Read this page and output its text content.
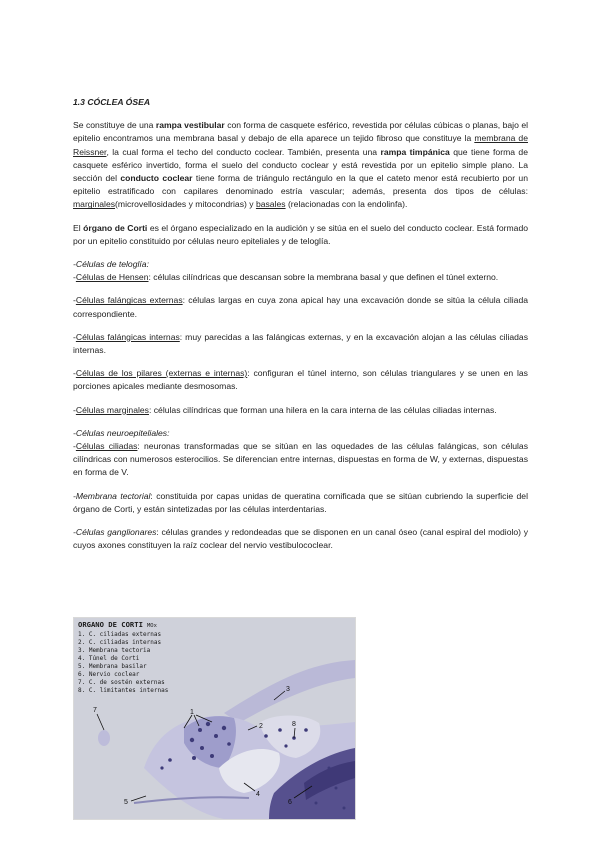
1.3 CÓCLEA ÓSEA

Se constituye de una rampa vestibular con forma de casquete esférico, revestida por células cúbicas o planas, bajo el epitelio encontramos una membrana basal y debajo de ella aparece un tejido fibroso que constituye la membrana de Reissner, la cual forma el techo del conducto coclear. También, presenta una rampa timpánica que tiene forma de casquete esférico invertido, forma el suelo del conducto coclear y está revestida por un epitelio simple plano. La sección del conducto coclear tiene forma de triángulo rectángulo en la que el cateto menor está recubierto por un epitelio estratificado con capilares denominado estría vascular; además, presenta dos tipos de células: marginales(microvellosidades y mitocondrias) y basales (relacionadas con la endolinfa).

El órgano de Corti es el órgano especializado en la audición y se sitúa en el suelo del conducto coclear. Está formado por un epitelio constituido por células neuro epiteliales y de teloglía.

-Células de teloglía:
-Células de Hensen: células cilíndricas que descansan sobre la membrana basal y que definen el túnel externo.

-Células falángicas externas: células largas en cuya zona apical hay una excavación donde se sitúa la célula ciliada correspondiente.

-Células falángicas internas: muy parecidas a las falángicas externas, y en la excavación alojan a las células ciliadas internas.

-Células de los pilares (externas e internas): configuran el túnel interno, son células triangulares y se unen en las porciones apicales mediante desmosomas.

-Células marginales: células cilíndricas que forman una hilera en la cara interna de las células ciliadas internas.

-Células neuroepiteliales:
-Células ciliadas: neuronas transformadas que se sitúan en las oquedades de las células falángicas, son células cilíndricas con numerosos esterocilios. Se diferencian entre internas, dispuestas en forma de W, y externas, dispuestas en forma de V.

-Membrana tectorial: constituida por capas unidas de queratina cornificada que se sitúan cubriendo la superficie del órgano de Corti, y están sintetizadas por las células interdentarias.

-Células ganglionares: células grandes y redondeadas que se disponen en un canal óseo (canal espiral del modiolo) y cuyos axones constituyen la raíz coclear del nervio vestibulococlear.

ORGANO DE CORTI MOx
1. C. ciliadas externas
2. C. ciliadas internas
3. Membrana tectoria
4. Túnel de Corti
5. Membrana basilar
6. Nervio coclear
7. C. de sostén externas
8. C. limitantes internas
1
2
3
4
5	6
7
8
